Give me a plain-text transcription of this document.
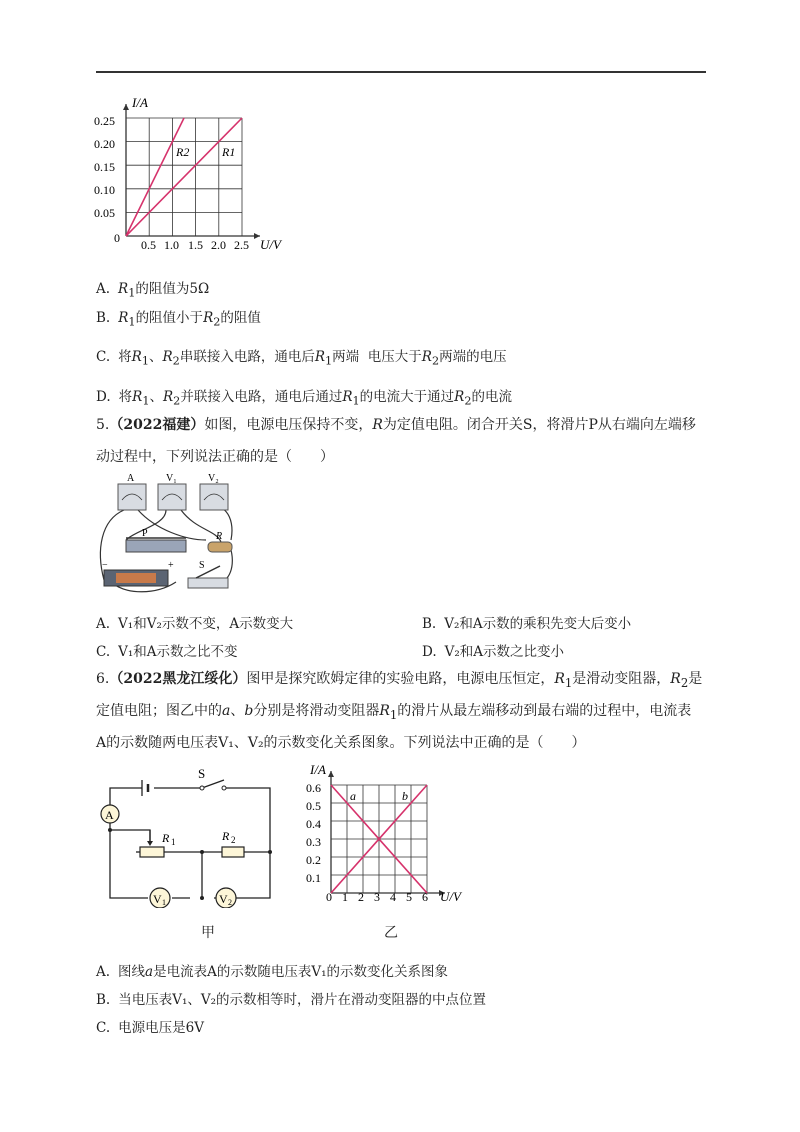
I/A
U/V
0
0.25
0.20
0.15
0.10
0.05
0.5 1.0 1.5 2.0 2.5
R2	R1
A. $R_1$的阻值为5Ω
B. $R_1$的阻值小于$R_2$的阻值
C. 将$R_1$、$R_2$串联接入电路，通电后$R_1$两端  电压大于$R_2$两端的电压
D. 将$R_1$、$R_2$并联接入电路，通电后通过$R_1$的电流大于通过$R_2$的电流
5.（2022福建）如图，电源电压保持不变，R为定值电阻。闭合开关S，将滑片P从右端向左端移
动过程中，下列说法正确的是（　　）
A	V₁	V₂
P	R
−	+	S
A. V₁和V₂示数不变，A示数变大	B. V₂和A示数的乘积先变大后变小
C. V₁和A示数之比不变	D. V₂和A示数之比变小
6.（2022黑龙江绥化）图甲是探究欧姆定律的实验电路，电源电压恒定，$R_1$是滑动变阻器，$R_2$是
定值电阻；图乙中的a、b分别是将滑动变阻器$R_1$的滑片从最左端移动到最右端的过程中，电流表
A的示数随两电压表V₁、V₂的示数变化关系图象。下列说法中正确的是（　　）
S
A
R 1	R 2
V 1	V 2
甲
I/A
U/V
0.6
0.5
0.4
0.3
0.2
0.1
0 1 2 3 4 5 6
a	b
乙
A. 图线a是电流表A的示数随电压表V₁的示数变化关系图象
B. 当电压表V₁、V₂的示数相等时，滑片在滑动变阻器的中点位置
C. 电源电压是6V
